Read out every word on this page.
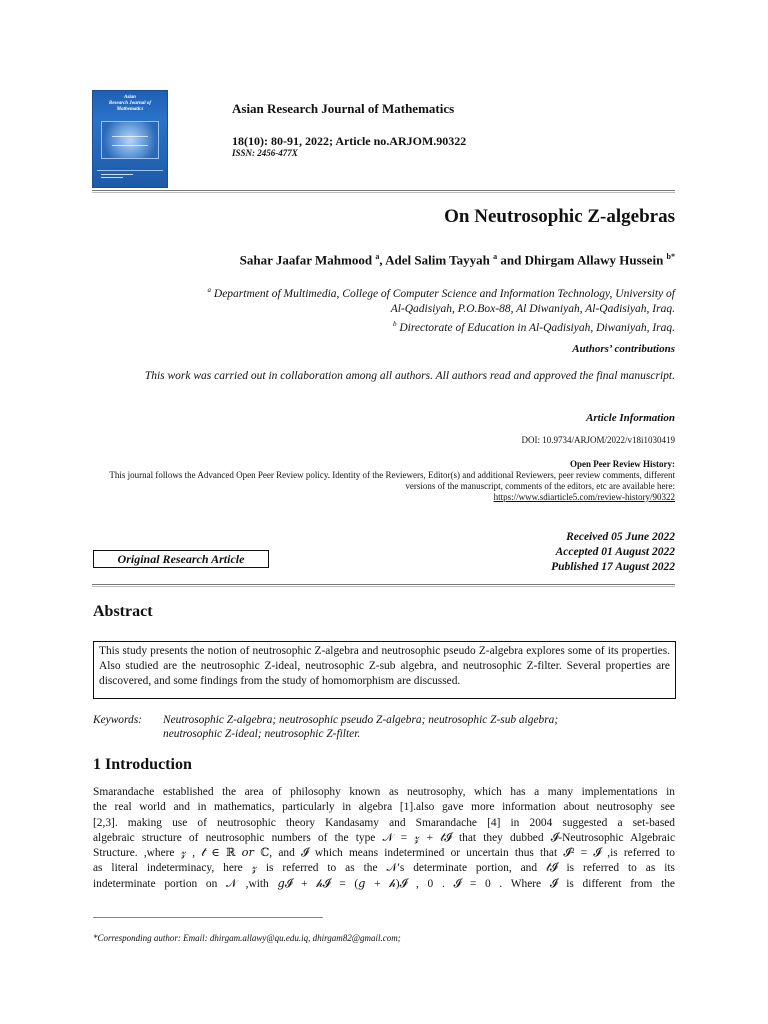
Asian
Research Journal of
Mathematics	Asian Research Journal of Mathematics
18(10): 80-91, 2022; Article no.ARJOM.90322
ISSN: 2456-477X
On Neutrosophic Z-algebras
Sahar Jaafar Mahmood $^a$, Adel Salim Tayyah $^a$ and Dhirgam Allawy Hussein $^{b*}$
$^a$ Department of Multimedia, College of Computer Science and Information Technology, University of
Al-Qadisiyah, P.O.Box-88, Al Diwaniyah, Al-Qadisiyah, Iraq.
$^b$ Directorate of Education in Al-Qadisiyah, Diwaniyah, Iraq.
Authors’ contributions
This work was carried out in collaboration among all authors. All authors read and approved the final manuscript.
Article Information
DOI: 10.9734/ARJOM/2022/v18i1030419
Open Peer Review History:
This journal follows the Advanced Open Peer Review policy. Identity of the Reviewers, Editor(s) and additional Reviewers, peer review comments, different versions of the manuscript, comments of the editors, etc are available here:
https://www.sdiarticle5.com/review-history/90322
Received 05 June 2022
Accepted 01 August 2022
Published 17 August 2022
Original Research Article
Abstract
This study presents the notion of neutrosophic Z-algebra and neutrosophic pseudo Z-algebra explores some of its properties. Also studied are the neutrosophic Z-ideal, neutrosophic Z-sub algebra, and neutrosophic Z-filter. Several properties are discovered, and some findings from the study of homomorphism are discussed.
Keywords: Neutrosophic Z-algebra; neutrosophic pseudo Z-algebra; neutrosophic Z-sub algebra;
neutrosophic Z-ideal; neutrosophic Z-filter.
1 Introduction

Smarandache established the area of philosophy known as neutrosophy, which has a many implementations in

the real world and in mathematics, particularly in algebra [1].also gave more information about neutrosophy see

[2,3]. making use of neutrosophic theory Kandasamy and Smarandache [4] in 2004 suggested a set-based

algebraic structure of neutrosophic numbers of the type 𝒩 = 𝓏 + 𝓉𝓘 that they dubbed 𝓘-Neutrosophic Algebraic

Structure. ,where 𝓏 , 𝓉 ∈ ℝ 𝑜𝑟 ℂ, and 𝓘 which means indetermined or uncertain thus that 𝓘² = 𝓘 ,is referred to

as literal indeterminacy, here 𝓏 is referred to as the 𝒩′s determinate portion, and 𝓉𝓘 is referred to as its

indeterminate portion on 𝒩 ,with 𝑔𝓘 + 𝒽𝓘 = (𝑔 + 𝒽)𝓘 , 0 . 𝓘 = 0 . Where 𝓘 is different from the

*Corresponding author: Email: dhirgam.allawy@qu.edu.iq, dhirgam82@gmail.com;
